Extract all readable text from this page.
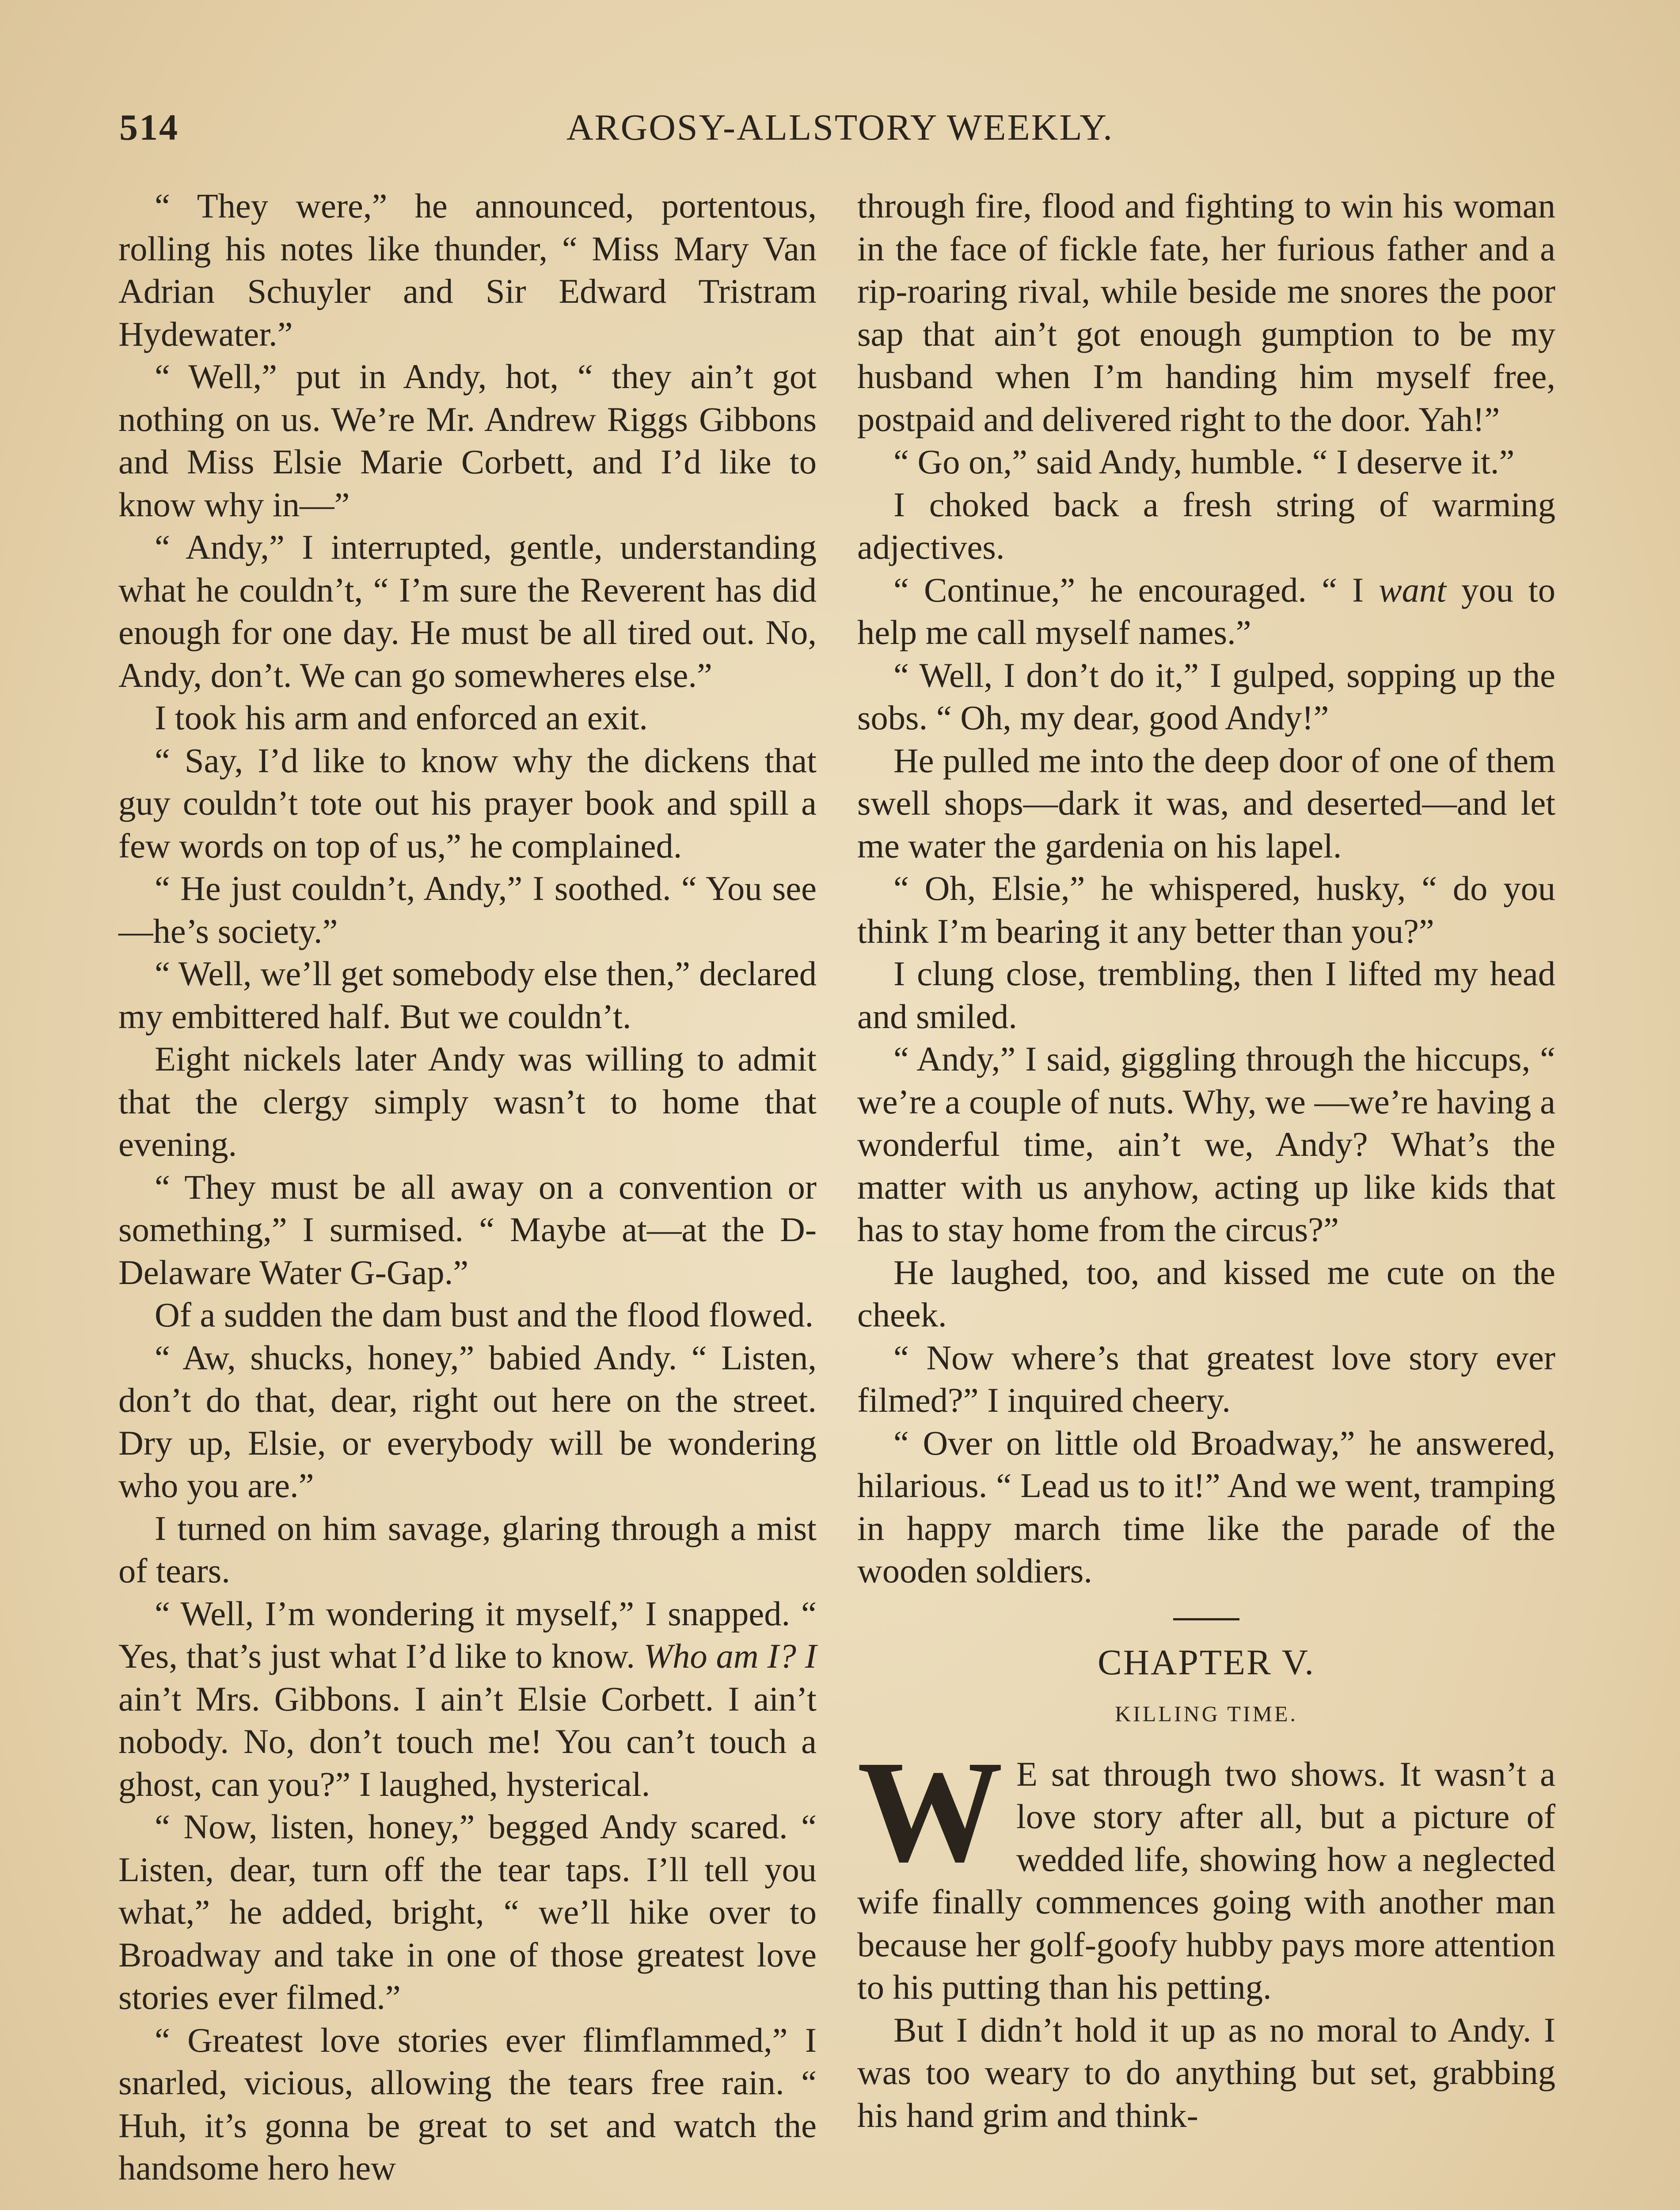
514	ARGOSY-ALLSTORY WEEKLY.

“ They were,” he announced, portentous, rolling his notes like thunder, “ Miss Mary Van Adrian Schuyler and Sir Edward Tristram Hydewater.”

“ Well,” put in Andy, hot, “ they ain’t got nothing on us. We’re Mr. Andrew Riggs Gibbons and Miss Elsie Marie Corbett, and I’d like to know why in—”

“ Andy,” I interrupted, gentle, understanding what he couldn’t, “ I’m sure the Reverent has did enough for one day. He must be all tired out. No, Andy, don’t. We can go somewheres else.”

I took his arm and enforced an exit.

“ Say, I’d like to know why the dickens that guy couldn’t tote out his prayer book and spill a few words on top of us,” he complained.

“ He just couldn’t, Andy,” I soothed. “ You see—he’s society.”

“ Well, we’ll get somebody else then,” declared my embittered half. But we couldn’t.

Eight nickels later Andy was willing to admit that the clergy simply wasn’t to home that evening.

“ They must be all away on a convention or something,” I surmised. “ Maybe at—at the D-Delaware Water G-Gap.”

Of a sudden the dam bust and the flood flowed.

“ Aw, shucks, honey,” babied Andy. “ Listen, don’t do that, dear, right out here on the street. Dry up, Elsie, or everybody will be wondering who you are.”

I turned on him savage, glaring through a mist of tears.

“ Well, I’m wondering it myself,” I snapped. “ Yes, that’s just what I’d like to know. Who am I? I ain’t Mrs. Gibbons. I ain’t Elsie Corbett. I ain’t nobody. No, don’t touch me! You can’t touch a ghost, can you?” I laughed, hysterical.

“ Now, listen, honey,” begged Andy scared. “ Listen, dear, turn off the tear taps. I’ll tell you what,” he added, bright, “ we’ll hike over to Broadway and take in one of those greatest love stories ever filmed.”

“ Greatest love stories ever flimflammed,” I snarled, vicious, allowing the tears free rain. “ Huh, it’s gonna be great to set and watch the handsome hero hew

through fire, flood and fighting to win his woman in the face of fickle fate, her furious father and a rip-roaring rival, while beside me snores the poor sap that ain’t got enough gumption to be my husband when I’m handing him myself free, postpaid and delivered right to the door. Yah!”

“ Go on,” said Andy, humble. “ I deserve it.”

I choked back a fresh string of warming adjectives.

“ Continue,” he encouraged. “ I want you to help me call myself names.”

“ Well, I don’t do it,” I gulped, sopping up the sobs. “ Oh, my dear, good Andy!”

He pulled me into the deep door of one of them swell shops—dark it was, and deserted—and let me water the gardenia on his lapel.

“ Oh, Elsie,” he whispered, husky, “ do you think I’m bearing it any better than you?”

I clung close, trembling, then I lifted my head and smiled.

“ Andy,” I said, giggling through the hiccups, “ we’re a couple of nuts. Why, we —we’re having a wonderful time, ain’t we, Andy? What’s the matter with us anyhow, acting up like kids that has to stay home from the circus?”

He laughed, too, and kissed me cute on the cheek.

“ Now where’s that greatest love story ever filmed?” I inquired cheery.

“ Over on little old Broadway,” he answered, hilarious. “ Lead us to it!” And we went, tramping in happy march time like the parade of the wooden soldiers.

CHAPTER V.
KILLING TIME.

W E sat through two shows. It wasn’t a love story after all, but a picture of wedded life, showing how a neglected wife finally commences going with another man because her golf-goofy hubby pays more attention to his putting than his petting.

But I didn’t hold it up as no moral to Andy. I was too weary to do anything but set, grabbing his hand grim and think-
